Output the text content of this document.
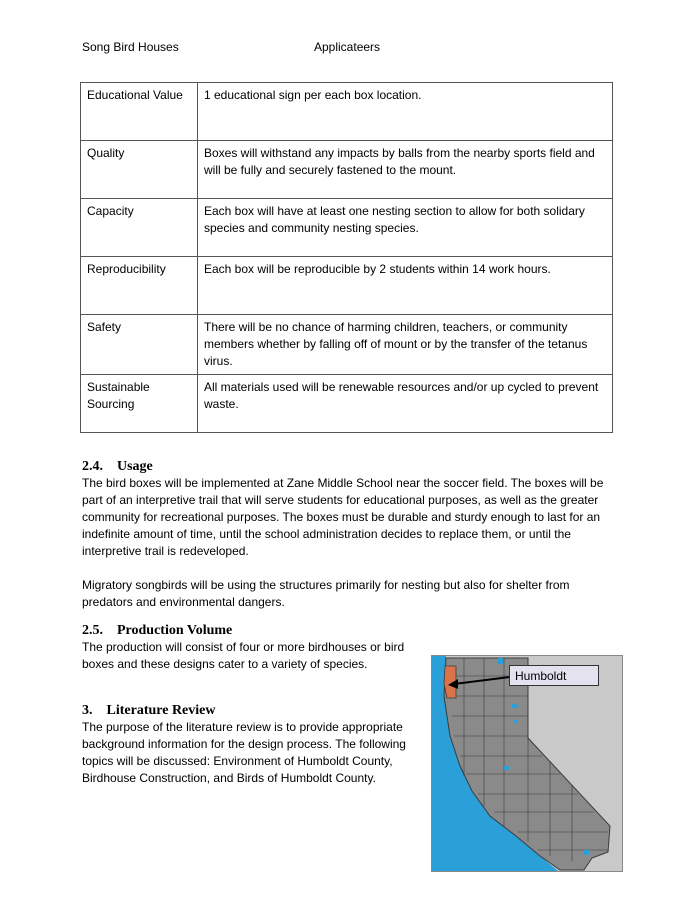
Song Bird Houses	Applicateers
Educational Value	1 educational sign per each box location.
Quality	Boxes will withstand any impacts by balls from the nearby sports field and will be fully and securely fastened to the mount.
Capacity	Each box will have at least one nesting section to allow for both solidary species and community nesting species.
Reproducibility	Each box will be reproducible by 2 students within 14 work hours.
Safety	There will be no chance of harming children, teachers, or community members whether by falling off of mount or by the transfer of the tetanus virus.
Sustainable Sourcing	All materials used will be renewable resources and/or up cycled to prevent waste.
2.4. Usage

The bird boxes will be implemented at Zane Middle School near the soccer field. The boxes will be part of an interpretive trail that will serve students for educational purposes, as well as the greater community for recreational purposes. The boxes must be durable and sturdy enough to last for an indefinite amount of time, until the school administration decides to replace them, or until the interpretive trail is redeveloped.

Migratory songbirds will be using the structures primarily for nesting but also for shelter from predators and environmental dangers.

2.5. Production Volume

The production will consist of four or more birdhouses or bird boxes and these designs cater to a variety of species.

3. Literature Review

The purpose of the literature review is to provide appropriate background information for the design process. The following topics will be discussed: Environment of Humboldt County, Birdhouse Construction, and Birds of Humboldt County.

Humboldt
